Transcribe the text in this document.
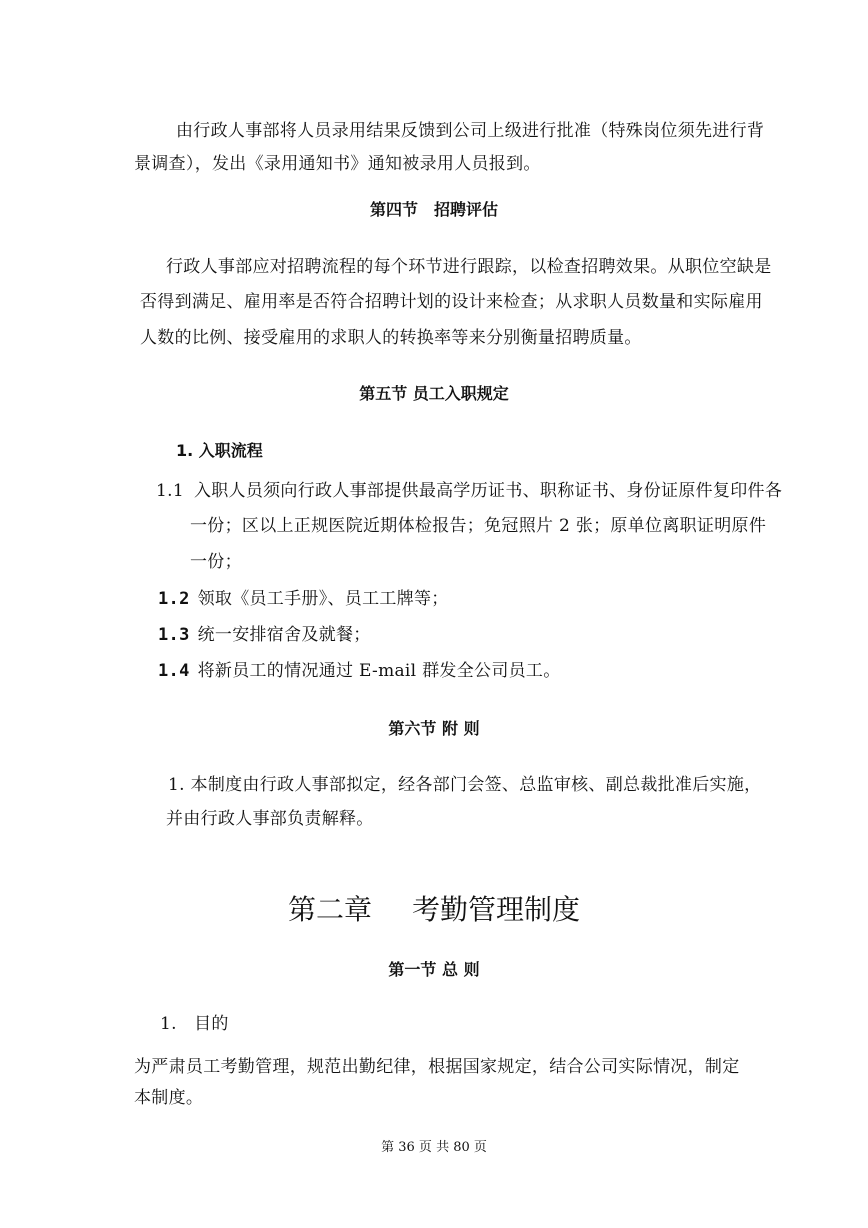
由行政人事部将人员录用结果反馈到公司上级进行批准（特殊岗位须先进行背
景调查），发出《录用通知书》通知被录用人员报到。
第四节　招聘评估
行政人事部应对招聘流程的每个环节进行跟踪，以检查招聘效果。从职位空缺是
否得到满足、雇用率是否符合招聘计划的设计来检查；从求职人员数量和实际雇用
人数的比例、接受雇用的求职人的转换率等来分别衡量招聘质量。
第五节 员工入职规定
1. 入职流程
1.1 入职人员须向行政人事部提供最高学历证书、职称证书、身份证原件复印件各
一份；区以上正规医院近期体检报告；免冠照片 2 张；原单位离职证明原件
一份；
1.2 领取《员工手册》、员工工牌等；
1.3 统一安排宿舍及就餐；
1.4 将新员工的情况通过 E-mail 群发全公司员工。
第六节 附 则
1. 本制度由行政人事部拟定，经各部门会签、总监审核、副总裁批准后实施，
并由行政人事部负责解释。
第二章 考勤管理制度
第一节 总 则
1.　目的
为严肃员工考勤管理，规范出勤纪律，根据国家规定，结合公司实际情况，制定
本制度。
第 36 页 共 80 页
